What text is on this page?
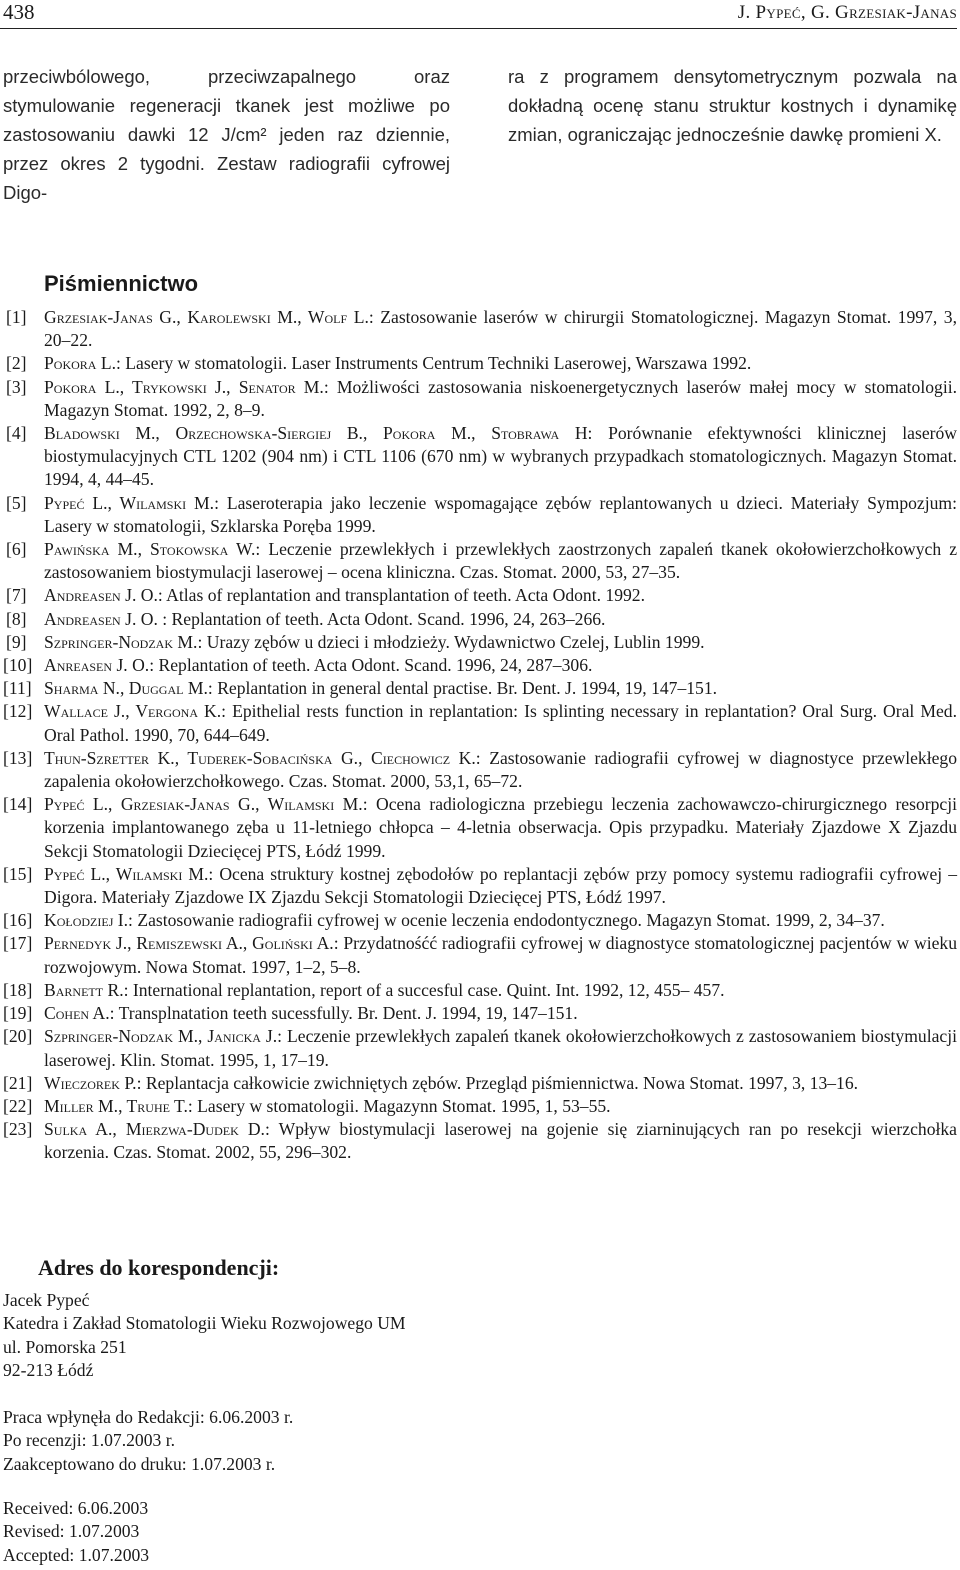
438	J. Pypeć, G. Grzesiak-Janas

przeciwbólowego, przeciwzapalnego oraz stymulowanie regeneracji tkanek jest możliwe po zastosowaniu dawki 12 J/cm² jeden raz dziennie, przez okres 2 tygodni. Zestaw radiografii cyfrowej Digo-

ra z programem densytometrycznym pozwala na dokładną ocenę stanu struktur kostnych i dynamikę zmian, ograniczając jednocześnie dawkę promieni X.

Piśmiennictwo
[1] Grzesiak-Janas G., Karolewski M., Wolf L.: Zastosowanie laserów w chirurgii Stomatologicznej. Magazyn Stomat. 1997, 3, 20–22.
[2] Pokora L.: Lasery w stomatologii. Laser Instruments Centrum Techniki Laserowej, Warszawa 1992.
[3] Pokora L., Trykowski J., Senator M.: Możliwości zastosowania niskoenergetycznych laserów małej mocy w stomatologii. Magazyn Stomat. 1992, 2, 8–9.
[4] Bladowski M., Orzechowska-Siergiej B., Pokora M., Stobrawa H: Porównanie efektywności klinicznej laserów biostymulacyjnych CTL 1202 (904 nm) i CTL 1106 (670 nm) w wybranych przypadkach stomatologicznych. Magazyn Stomat. 1994, 4, 44–45.
[5] Pypeć L., Wilamski M.: Laseroterapia jako leczenie wspomagające zębów replantowanych u dzieci. Materiały Sympozjum: Lasery w stomatologii, Szklarska Poręba 1999.
[6] Pawińska M., Stokowska W.: Leczenie przewlekłych i przewlekłych zaostrzonych zapaleń tkanek okołowierzchołkowych z zastosowaniem biostymulacji laserowej – ocena kliniczna. Czas. Stomat. 2000, 53, 27–35.
[7] Andreasen J. O.: Atlas of replantation and transplantation of teeth. Acta Odont. 1992.
[8] Andreasen J. O. : Replantation of teeth. Acta Odont. Scand. 1996, 24, 263–266.
[9] Szpringer-Nodzak M.: Urazy zębów u dzieci i młodzieży. Wydawnictwo Czelej, Lublin 1999.
[10] Anreasen J. O.: Replantation of teeth. Acta Odont. Scand. 1996, 24, 287–306.
[11] Sharma N., Duggal M.: Replantation in general dental practise. Br. Dent. J. 1994, 19, 147–151.
[12] Wallace J., Vergona K.: Epithelial rests function in replantation: Is splinting necessary in replantation? Oral Surg. Oral Med. Oral Pathol. 1990, 70, 644–649.
[13] Thun-Szretter K., Tuderek-Sobacińska G., Ciechowicz K.: Zastosowanie radiografii cyfrowej w diagnostyce przewlekłego zapalenia okołowierzchołkowego. Czas. Stomat. 2000, 53,1, 65–72.
[14] Pypeć L., Grzesiak-Janas G., Wilamski M.: Ocena radiologiczna przebiegu leczenia zachowawczo-chirurgicznego resorpcji korzenia implantowanego zęba u 11-letniego chłopca – 4-letnia obserwacja. Opis przypadku. Materiały Zjazdowe X Zjazdu Sekcji Stomatologii Dziecięcej PTS, Łódź 1999.
[15] Pypeć L., Wilamski M.: Ocena struktury kostnej zębodołów po replantacji zębów przy pomocy systemu radiografii cyfrowej – Digora. Materiały Zjazdowe IX Zjazdu Sekcji Stomatologii Dziecięcej PTS, Łódź 1997.
[16] Kołodziej I.: Zastosowanie radiografii cyfrowej w ocenie leczenia endodontycznego. Magazyn Stomat. 1999, 2, 34–37.
[17] Pernedyk J., Remiszewski A., Goliński A.: Przydatnośćć radiografii cyfrowej w diagnostyce stomatologicznej pacjentów w wieku rozwojowym. Nowa Stomat. 1997, 1–2, 5–8.
[18] Barnett R.: International replantation, report of a succesful case. Quint. Int. 1992, 12, 455– 457.
[19] Cohen A.: Transplnatation teeth sucessfully. Br. Dent. J. 1994, 19, 147–151.
[20] Szpringer-Nodzak M., Janicka J.: Leczenie przewlekłych zapaleń tkanek okołowierzchołkowych z zastosowaniem biostymulacji laserowej. Klin. Stomat. 1995, 1, 17–19.
[21] Wieczorek P.: Replantacja całkowicie zwichniętych zębów. Przegląd piśmiennictwa. Nowa Stomat. 1997, 3, 13–16.
[22] Miller M., Truhe T.: Lasery w stomatologii. Magazynn Stomat. 1995, 1, 53–55.
[23] Sulka A., Mierzwa-Dudek D.: Wpływ biostymulacji laserowej na gojenie się ziarninujących ran po resekcji wierzchołka korzenia. Czas. Stomat. 2002, 55, 296–302.
Adres do korespondencji:
Jacek Pypeć
Katedra i Zakład Stomatologii Wieku Rozwojowego UM
ul. Pomorska 251
92-213 Łódź
Praca wpłynęła do Redakcji: 6.06.2003 r.
Po recenzji: 1.07.2003 r.
Zaakceptowano do druku: 1.07.2003 r.
Received: 6.06.2003
Revised: 1.07.2003
Accepted: 1.07.2003
